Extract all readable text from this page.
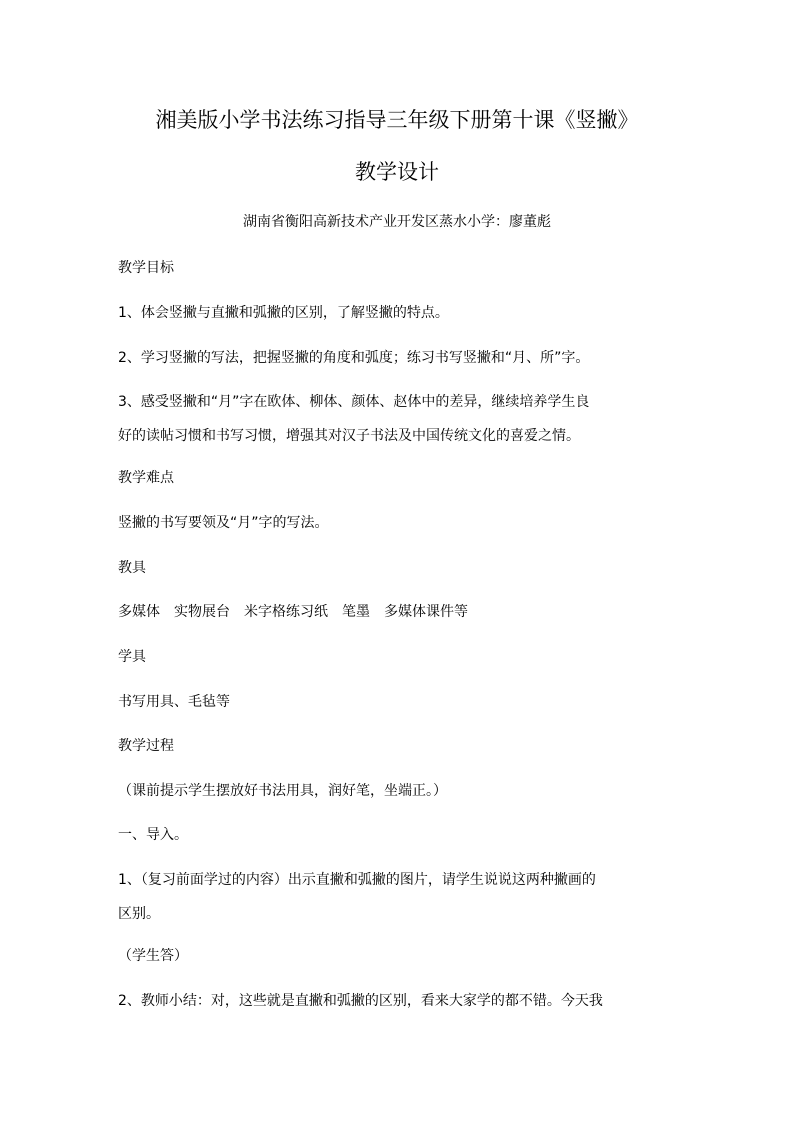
湘美版小学书法练习指导三年级下册第十课《竖撇》
教学设计
湖南省衡阳高新技术产业开发区蒸水小学：廖董彪
教学目标
1、体会竖撇与直撇和弧撇的区别，了解竖撇的特点。
2、学习竖撇的写法，把握竖撇的角度和弧度；练习书写竖撇和“月、所”字。
3、感受竖撇和“月”字在欧体、柳体、颜体、赵体中的差异，继续培养学生良
好的读帖习惯和书写习惯，增强其对汉子书法及中国传统文化的喜爱之情。
教学难点
竖撇的书写要领及“月”字的写法。
教具
多媒体　实物展台　米字格练习纸　笔墨　多媒体课件等
学具
书写用具、毛毡等
教学过程
（课前提示学生摆放好书法用具，润好笔，坐端正。）
一、导入。
1、（复习前面学过的内容）出示直撇和弧撇的图片，请学生说说这两种撇画的
区别。
（学生答）
2、教师小结：对，这些就是直撇和弧撇的区别，看来大家学的都不错。今天我
